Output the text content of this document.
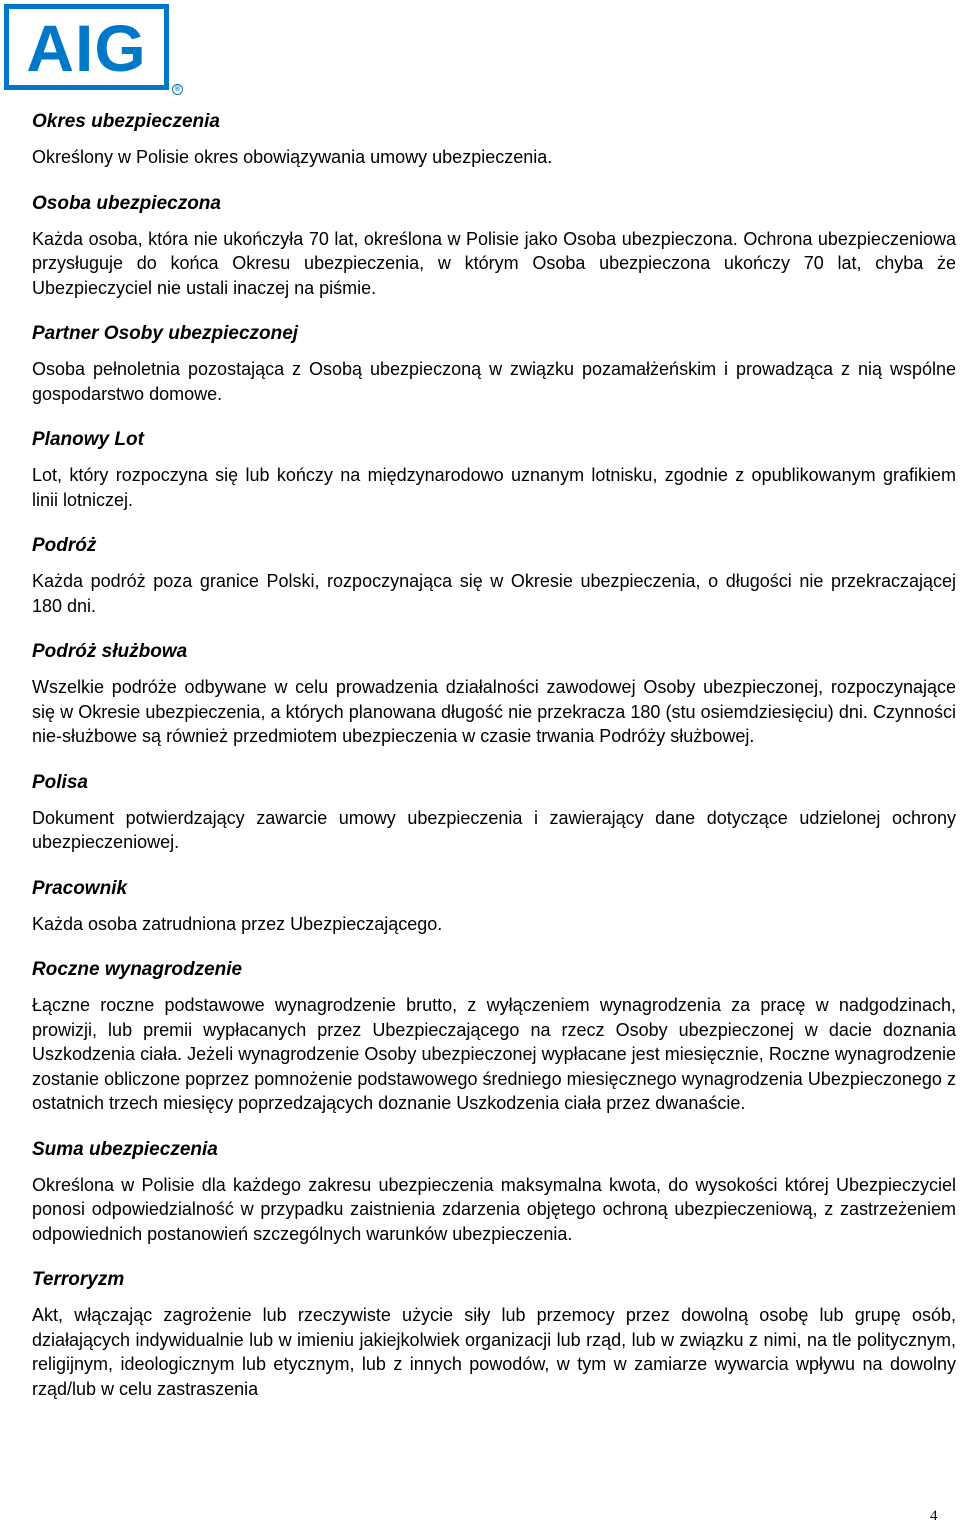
AIG
®

Okres ubezpieczenia

Określony w Polisie okres obowiązywania umowy ubezpieczenia.

Osoba ubezpieczona

Każda osoba, która nie ukończyła 70 lat, określona w Polisie jako Osoba ubezpieczona. Ochrona ubezpieczeniowa przysługuje do końca Okresu ubezpieczenia, w którym Osoba ubezpieczona ukończy 70 lat, chyba że Ubezpieczyciel nie ustali inaczej na piśmie.

Partner Osoby ubezpieczonej

Osoba pełnoletnia pozostająca z Osobą ubezpieczoną w związku pozamałżeńskim i prowadząca z nią wspólne gospodarstwo domowe.

Planowy Lot

Lot, który rozpoczyna się lub kończy na międzynarodowo uznanym lotnisku, zgodnie z opublikowanym grafikiem linii lotniczej.

Podróż

Każda podróż poza granice Polski, rozpoczynająca się w Okresie ubezpieczenia, o długości nie przekraczającej 180 dni.

Podróż służbowa

Wszelkie podróże odbywane w celu prowadzenia działalności zawodowej Osoby ubezpieczonej, rozpoczynające się w Okresie ubezpieczenia, a których planowana długość nie przekracza 180 (stu osiemdziesięciu) dni. Czynności nie-służbowe są również przedmiotem ubezpieczenia w czasie trwania Podróży służbowej.

Polisa

Dokument potwierdzający zawarcie umowy ubezpieczenia i zawierający dane dotyczące udzielonej ochrony ubezpieczeniowej.

Pracownik

Każda osoba zatrudniona przez Ubezpieczającego.

Roczne wynagrodzenie

Łączne roczne podstawowe wynagrodzenie brutto, z wyłączeniem wynagrodzenia za pracę w nadgodzinach, prowizji, lub premii wypłacanych przez Ubezpieczającego na rzecz Osoby ubezpieczonej w dacie doznania Uszkodzenia ciała. Jeżeli wynagrodzenie Osoby ubezpieczonej wypłacane jest miesięcznie, Roczne wynagrodzenie zostanie obliczone poprzez pomnożenie podstawowego średniego miesięcznego wynagrodzenia Ubezpieczonego z ostatnich trzech miesięcy poprzedzających doznanie Uszkodzenia ciała przez dwanaście.

Suma ubezpieczenia

Określona w Polisie dla każdego zakresu ubezpieczenia maksymalna kwota, do wysokości której Ubezpieczyciel ponosi odpowiedzialność w przypadku zaistnienia zdarzenia objętego ochroną ubezpieczeniową, z zastrzeżeniem odpowiednich postanowień szczególnych warunków ubezpieczenia.

Terroryzm

Akt, włączając zagrożenie lub rzeczywiste użycie siły lub przemocy przez dowolną osobę lub grupę osób, działających indywidualnie lub w imieniu jakiejkolwiek organizacji lub rząd, lub w związku z nimi, na tle politycznym, religijnym, ideologicznym lub etycznym, lub z innych powodów, w tym w zamiarze wywarcia wpływu na dowolny rząd/lub w celu zastraszenia

4
